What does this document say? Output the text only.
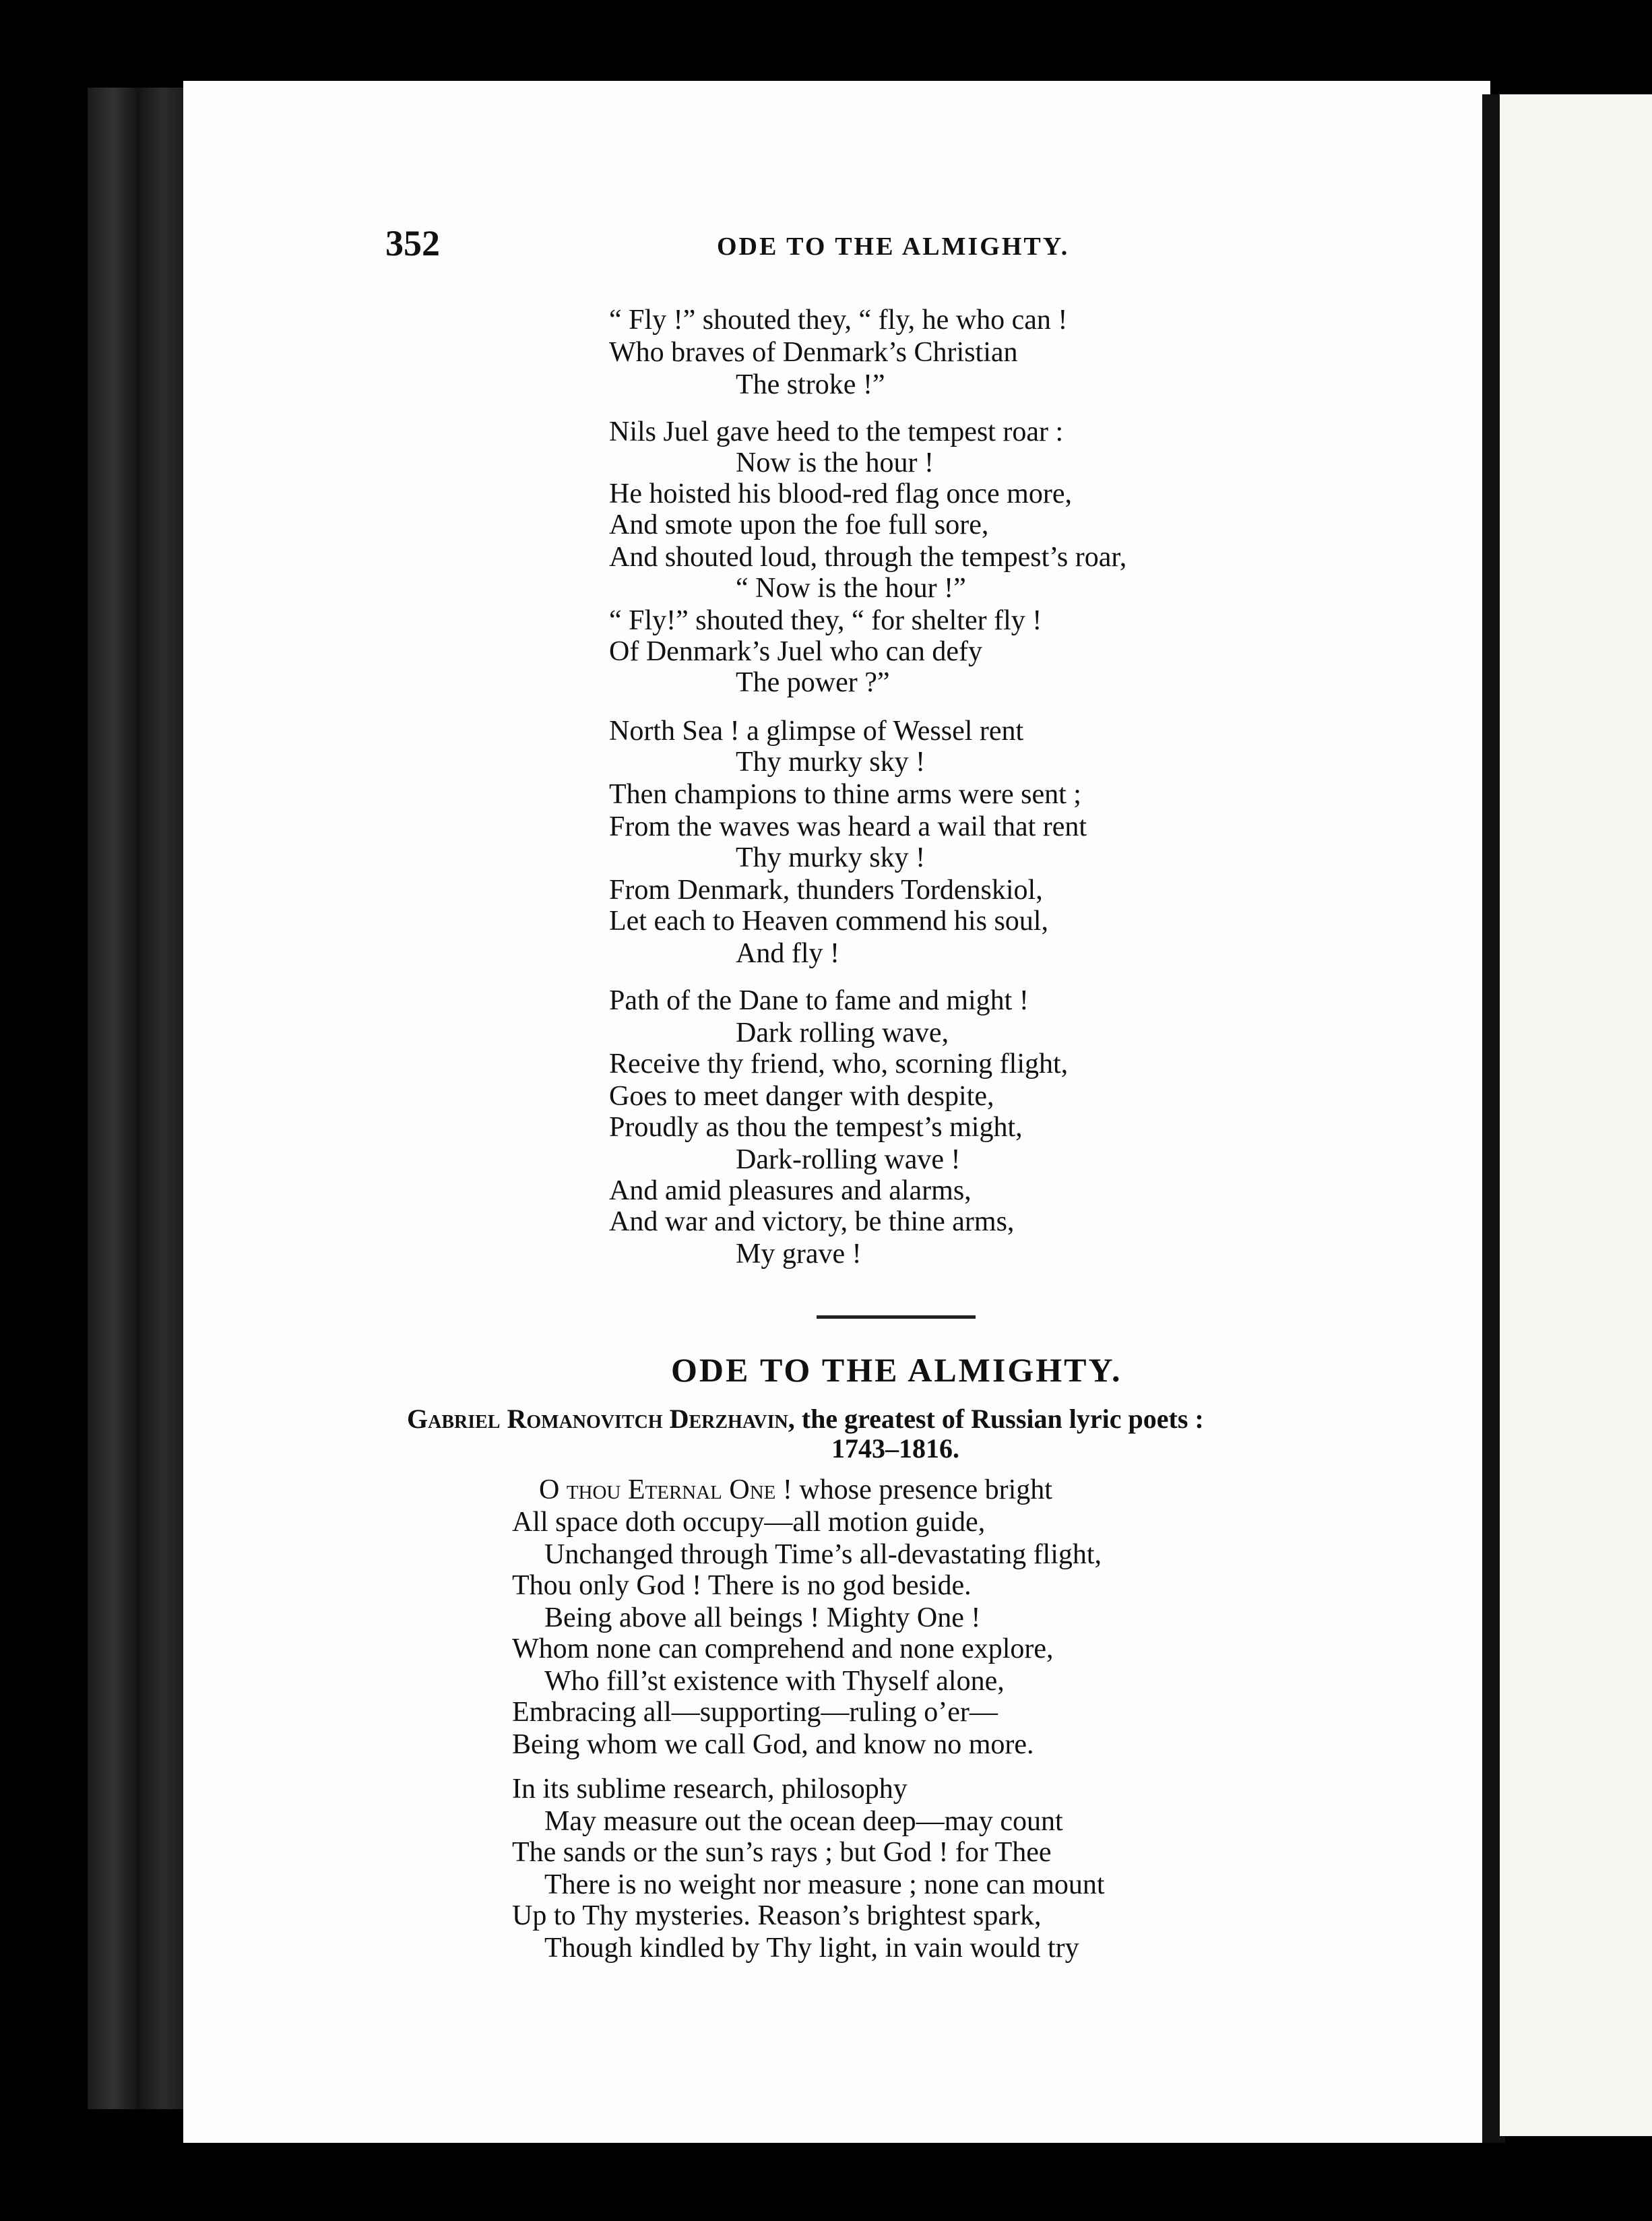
352	ODE TO THE ALMIGHTY.
“ Fly !” shouted they, “ fly, he who can !
Who braves of Denmark’s Christian
The stroke !”
Nils Juel gave heed to the tempest roar :
Now is the hour !
He hoisted his blood-red flag once more,
And smote upon the foe full sore,
And shouted loud, through the tempest’s roar,
“ Now is the hour !”
“ Fly!” shouted they, “ for shelter fly !
Of Denmark’s Juel who can defy
The power ?”
North Sea ! a glimpse of Wessel rent
Thy murky sky !
Then champions to thine arms were sent ;
From the waves was heard a wail that rent
Thy murky sky !
From Denmark, thunders Tordenskiol,
Let each to Heaven commend his soul,
And fly !
Path of the Dane to fame and might !
Dark rolling wave,
Receive thy friend, who, scorning flight,
Goes to meet danger with despite,
Proudly as thou the tempest’s might,
Dark-rolling wave !
And amid pleasures and alarms,
And war and victory, be thine arms,
My grave !
ODE TO THE ALMIGHTY.
Gabriel Romanovitch Derzhavin, the greatest of Russian lyric poets :
1743–1816.
O thou Eternal One ! whose presence bright
All space doth occupy—all motion guide,
Unchanged through Time’s all-devastating flight,
Thou only God ! There is no god beside.
Being above all beings ! Mighty One !
Whom none can comprehend and none explore,
Who fill’st existence with Thyself alone,
Embracing all—supporting—ruling o’er—
Being whom we call God, and know no more.
In its sublime research, philosophy
May measure out the ocean deep—may count
The sands or the sun’s rays ; but God ! for Thee
There is no weight nor measure ; none can mount
Up to Thy mysteries. Reason’s brightest spark,
Though kindled by Thy light, in vain would try
